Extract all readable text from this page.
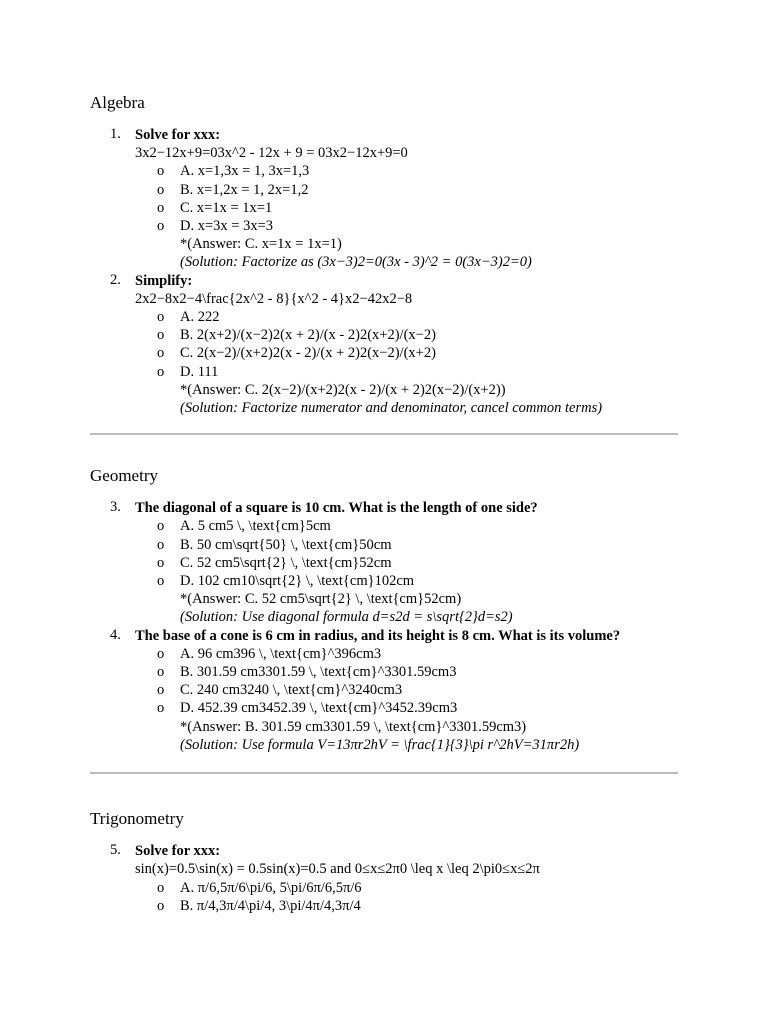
Algebra
1. Solve for xxx:
3x2−12x+9=03x^2 - 12x + 9 = 03x2−12x+9=0
o A. x=1,3x = 1, 3x=1,3
o B. x=1,2x = 1, 2x=1,2
o C. x=1x = 1x=1
o D. x=3x = 3x=3
*(Answer: C. x=1x = 1x=1)
(Solution: Factorize as (3x−3)2=0(3x - 3)^2 = 0(3x−3)2=0)
2. Simplify:
2x2−8x2−4\frac{2x^2 - 8}{x^2 - 4}x2−42x2−8
o A. 222
o B. 2(x+2)/(x−2)2(x + 2)/(x - 2)2(x+2)/(x−2)
o C. 2(x−2)/(x+2)2(x - 2)/(x + 2)2(x−2)/(x+2)
o D. 111
*(Answer: C. 2(x−2)/(x+2)2(x - 2)/(x + 2)2(x−2)/(x+2))
(Solution: Factorize numerator and denominator, cancel common terms)
Geometry
3. The diagonal of a square is 10 cm. What is the length of one side?
o A. 5 cm5 \, \text{cm}5cm
o B. 50 cm\sqrt{50} \, \text{cm}50cm
o C. 52 cm5\sqrt{2} \, \text{cm}52cm
o D. 102 cm10\sqrt{2} \, \text{cm}102cm
*(Answer: C. 52 cm5\sqrt{2} \, \text{cm}52cm)
(Solution: Use diagonal formula d=s2d = s\sqrt{2}d=s2)
4. The base of a cone is 6 cm in radius, and its height is 8 cm. What is its volume?
o A. 96 cm396 \, \text{cm}^396cm3
o B. 301.59 cm3301.59 \, \text{cm}^3301.59cm3
o C. 240 cm3240 \, \text{cm}^3240cm3
o D. 452.39 cm3452.39 \, \text{cm}^3452.39cm3
*(Answer: B. 301.59 cm3301.59 \, \text{cm}^3301.59cm3)
(Solution: Use formula V=13πr2hV = \frac{1}{3}\pi r^2hV=31πr2h)
Trigonometry
5. Solve for xxx:
sin(x)=0.5\sin(x) = 0.5sin(x)=0.5 and 0≤x≤2π0 \leq x \leq 2\pi0≤x≤2π
o A. π/6,5π/6\pi/6, 5\pi/6π/6,5π/6
o B. π/4,3π/4\pi/4, 3\pi/4π/4,3π/4
